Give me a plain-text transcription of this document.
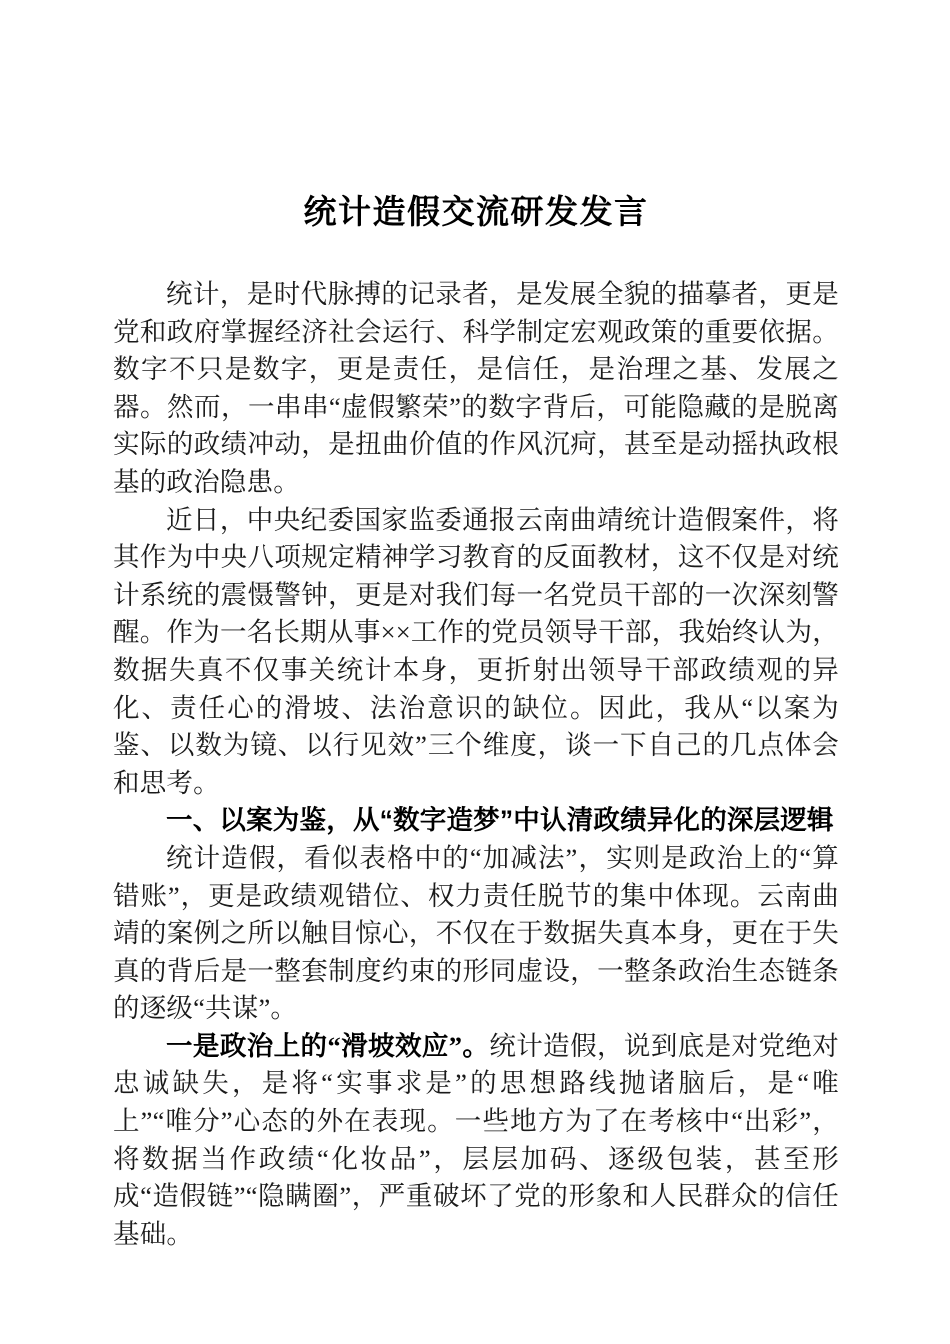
统计造假交流研发发言

统计，是时代脉搏的记录者，是发展全貌的描摹者，更是党和政府掌握经济社会运行、科学制定宏观政策的重要依据。数字不只是数字，更是责任，是信任，是治理之基、发展之器。然而，一串串“虚假繁荣”的数字背后，可能隐藏的是脱离实际的政绩冲动，是扭曲价值的作风沉疴，甚至是动摇执政根基的政治隐患。

近日，中央纪委国家监委通报云南曲靖统计造假案件，将其作为中央八项规定精神学习教育的反面教材，这不仅是对统计系统的震慑警钟，更是对我们每一名党员干部的一次深刻警醒。作为一名长期从事××工作的党员领导干部，我始终认为，数据失真不仅事关统计本身，更折射出领导干部政绩观的异化、责任心的滑坡、法治意识的缺位。因此，我从“以案为鉴、以数为镜、以行见效”三个维度，谈一下自己的几点体会和思考。

一、以案为鉴，从“数字造梦”中认清政绩异化的深层逻辑

统计造假，看似表格中的“加减法”，实则是政治上的“算错账”，更是政绩观错位、权力责任脱节的集中体现。云南曲靖的案例之所以触目惊心，不仅在于数据失真本身，更在于失真的背后是一整套制度约束的形同虚设，一整条政治生态链条的逐级“共谋”。

一是政治上的“滑坡效应”。统计造假，说到底是对党绝对忠诚缺失，是将“实事求是”的思想路线抛诸脑后，是“唯上”“唯分”心态的外在表现。一些地方为了在考核中“出彩”，将数据当作政绩“化妆品”，层层加码、逐级包装，甚至形成“造假链”“隐瞒圈”，严重破坏了党的形象和人民群众的信任基础。
